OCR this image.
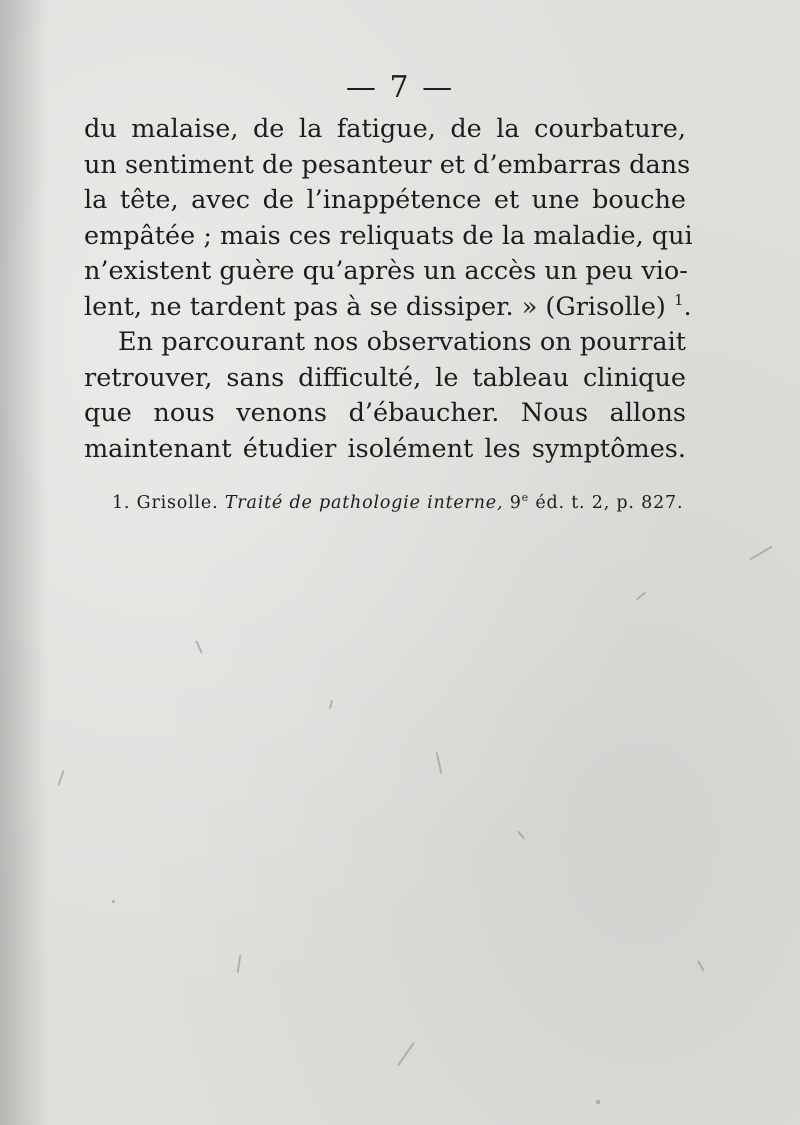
— 7 —
du malaise, de la fatigue, de la courbature,
un sentiment de pesanteur et d’embarras dans
la tête, avec de l’inappétence et une bouche
empâtée ; mais ces reliquats de la maladie, qui
n’existent guère qu’après un accès un peu vio-
lent, ne tardent pas à se dissiper. » (Grisolle) $^1$.
En parcourant nos observations on pourrait
retrouver, sans difficulté, le tableau clinique
que nous venons d’ébaucher. Nous allons
maintenant étudier isolément les symptômes.
1. Grisolle. Traité de pathologie interne, 9e éd. t. 2, p. 827.
